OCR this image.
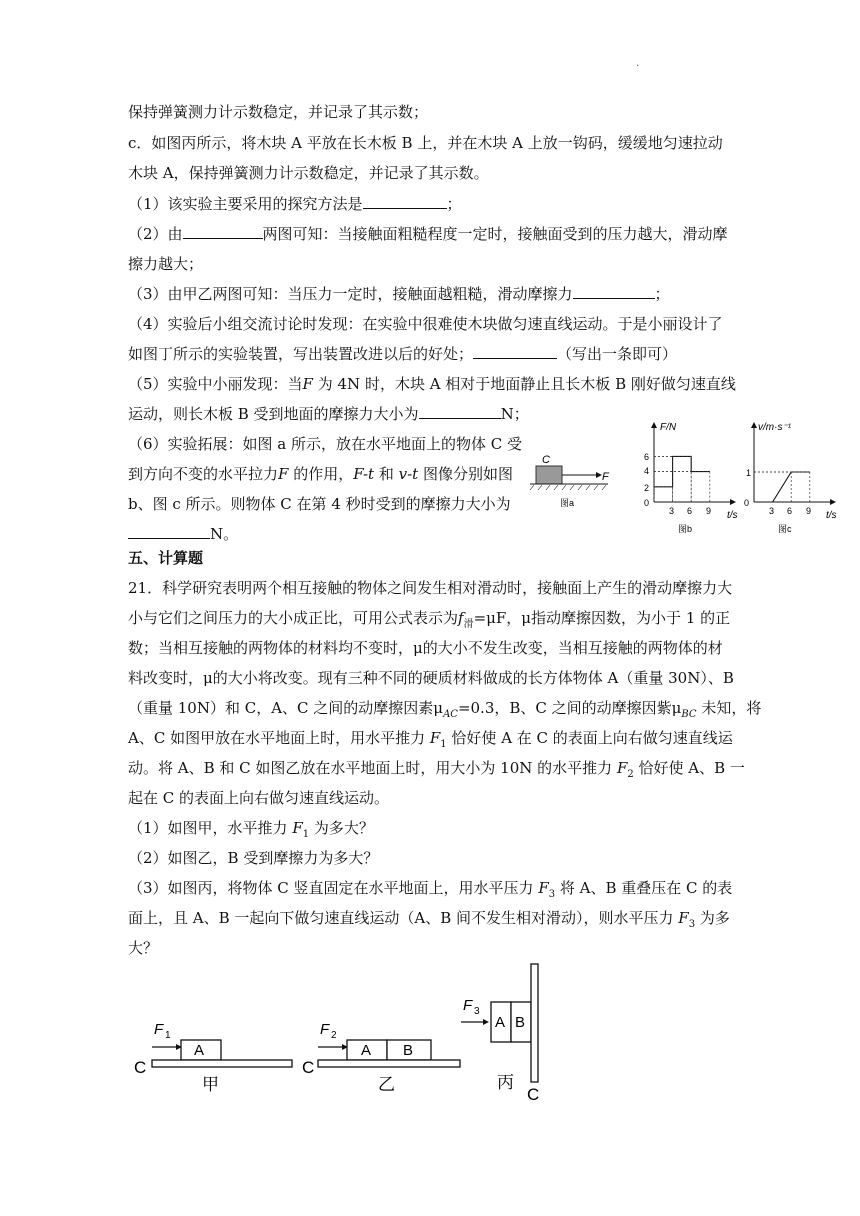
.
保持弹簧测力计示数稳定，并记录了其示数；
c．如图丙所示，将木块 A 平放在长木板 B 上，并在木块 A 上放一钩码，缓缓地匀速拉动
木块 A，保持弹簧测力计示数稳定，并记录了其示数。
（1）该实验主要采用的探究方法是	；
（2）由	两图可知：当接触面粗糙程度一定时，接触面受到的压力越大，滑动摩
擦力越大；
（3）由甲乙两图可知：当压力一定时，接触面越粗糙，滑动摩擦力	；
（4）实验后小组交流讨论时发现：在实验中很难使木块做匀速直线运动。于是小丽设计了
如图丁所示的实验装置，写出装置改进以后的好处；	（写出一条即可）
（5）实验中小丽发现：当F 为 4N 时，木块 A 相对于地面静止且长木板 B 刚好做匀速直线
运动，则长木板 B 受到地面的摩擦力大小为	N；
（6）实验拓展：如图 a 所示，放在水平地面上的物体 C 受
到方向不变的水平拉力F 的作用，F-t 和 v-t 图像分别如图
b、图 c 所示。则物体 C 在第 4 秒时受到的摩擦力大小为
N。
C
F
图a
F/N
t/s
6
4
2
0
3 6 9
图b
v/m·s⁻¹
t/s
1
0
3 6 9
图c
五、计算题
21．科学研究表明两个相互接触的物体之间发生相对滑动时，接触面上产生的滑动摩擦力大
小与它们之间压力的大小成正比，可用公式表示为$f_滑=\mu F$，μ指动摩擦因数，为小于 1 的正
数；当相互接触的两物体的材料均不变时，μ的大小不发生改变，当相互接触的两物体的材
料改变时，μ的大小将改变。现有三种不同的硬质材料做成的长方体物体 A（重量 30N）、B
（重量 10N）和 C，A、C 之间的动摩擦因素$\mu_{AC}=0.3$，B、C 之间的动摩擦因紫$\mu_{BC}$ 未知，将
A、C 如图甲放在水平地面上时，用水平推力 $F_1$ 恰好使 A 在 C 的表面上向右做匀速直线运
动。将 A、B 和 C 如图乙放在水平地面上时，用大小为 10N 的水平推力 $F_2$ 恰好使 A、B 一
起在 C 的表面上向右做匀速直线运动。
（1）如图甲，水平推力 $F_1$ 为多大？
（2）如图乙，B 受到摩擦力为多大？
（3）如图丙，将物体 C 竖直固定在水平地面上，用水平压力 $F_3$ 将 A、B 重叠压在 C 的表
面上，且 A、B 一起向下做匀速直线运动（A、B 间不发生相对滑动），则水平压力 $F_3$ 为多
大？
F 1
A
C
甲
F 2
A B
C
乙
F 3
A B
C
丙
